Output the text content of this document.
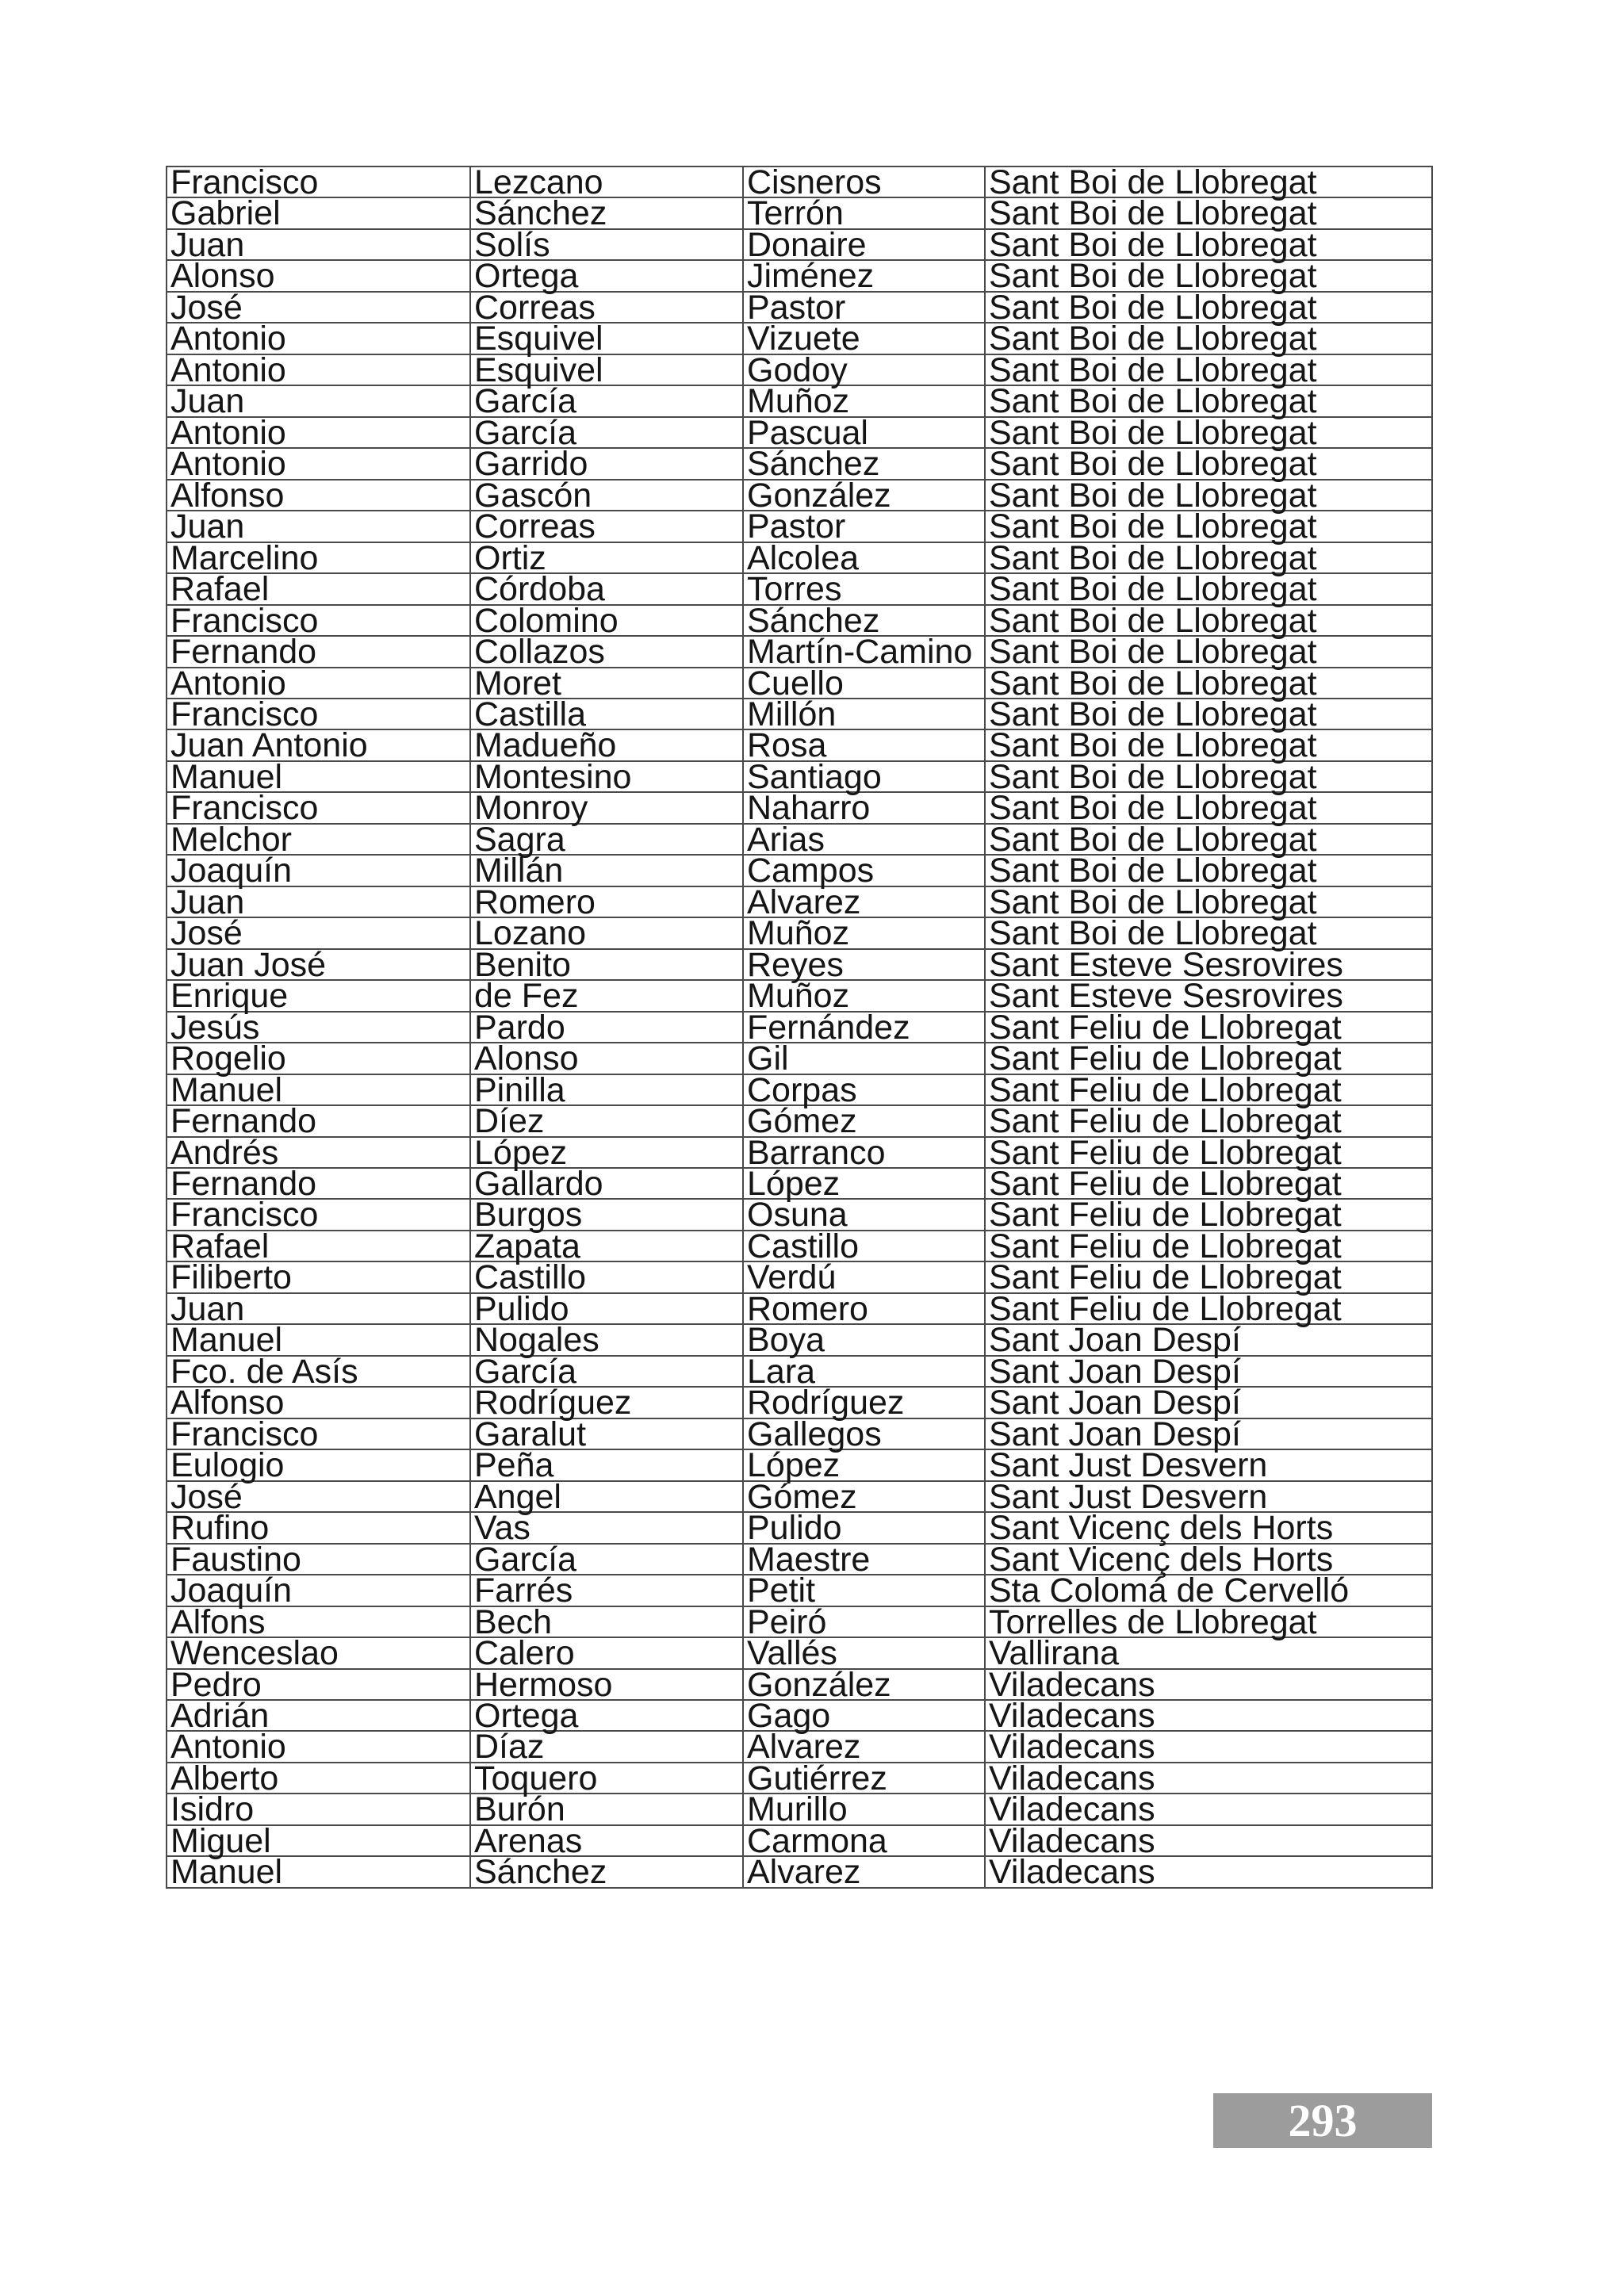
Francisco	Lezcano	Cisneros	Sant Boi de Llobregat
Gabriel	Sánchez	Terrón	Sant Boi de Llobregat
Juan	Solís	Donaire	Sant Boi de Llobregat
Alonso	Ortega	Jiménez	Sant Boi de Llobregat
José	Correas	Pastor	Sant Boi de Llobregat
Antonio	Esquivel	Vizuete	Sant Boi de Llobregat
Antonio	Esquivel	Godoy	Sant Boi de Llobregat
Juan	García	Muñoz	Sant Boi de Llobregat
Antonio	García	Pascual	Sant Boi de Llobregat
Antonio	Garrido	Sánchez	Sant Boi de Llobregat
Alfonso	Gascón	González	Sant Boi de Llobregat
Juan	Correas	Pastor	Sant Boi de Llobregat
Marcelino	Ortiz	Alcolea	Sant Boi de Llobregat
Rafael	Córdoba	Torres	Sant Boi de Llobregat
Francisco	Colomino	Sánchez	Sant Boi de Llobregat
Fernando	Collazos	Martín-Camino Sant Boi de Llobregat
Antonio	Moret	Cuello	Sant Boi de Llobregat
Francisco	Castilla	Millón	Sant Boi de Llobregat
Juan Antonio	Madueño	Rosa	Sant Boi de Llobregat
Manuel	Montesino	Santiago	Sant Boi de Llobregat
Francisco	Monroy	Naharro	Sant Boi de Llobregat
Melchor	Sagra	Arias	Sant Boi de Llobregat
Joaquín	Millán	Campos	Sant Boi de Llobregat
Juan	Romero	Alvarez	Sant Boi de Llobregat
José	Lozano	Muñoz	Sant Boi de Llobregat
Juan José	Benito	Reyes	Sant Esteve Sesrovires
Enrique	de Fez	Muñoz	Sant Esteve Sesrovires
Jesús	Pardo	Fernández	Sant Feliu de Llobregat
Rogelio	Alonso	Gil	Sant Feliu de Llobregat
Manuel	Pinilla	Corpas	Sant Feliu de Llobregat
Fernando	Díez	Gómez	Sant Feliu de Llobregat
Andrés	López	Barranco	Sant Feliu de Llobregat
Fernando	Gallardo	López	Sant Feliu de Llobregat
Francisco	Burgos	Osuna	Sant Feliu de Llobregat
Rafael	Zapata	Castillo	Sant Feliu de Llobregat
Filiberto	Castillo	Verdú	Sant Feliu de Llobregat
Juan	Pulido	Romero	Sant Feliu de Llobregat
Manuel	Nogales	Boya	Sant Joan Despí
Fco. de Asís	García	Lara	Sant Joan Despí
Alfonso	Rodríguez	Rodríguez	Sant Joan Despí
Francisco	Garalut	Gallegos	Sant Joan Despí
Eulogio	Peña	López	Sant Just Desvern
José	Angel	Gómez	Sant Just Desvern
Rufino	Vas	Pulido	Sant Vicenç dels Horts
Faustino	García	Maestre	Sant Vicenç dels Horts
Joaquín	Farrés	Petit	Sta Colomá de Cervelló
Alfons	Bech	Peiró	Torrelles de Llobregat
Wenceslao	Calero	Vallés	Vallirana
Pedro	Hermoso	González	Viladecans
Adrián	Ortega	Gago	Viladecans
Antonio	Díaz	Alvarez	Viladecans
Alberto	Toquero	Gutiérrez	Viladecans
Isidro	Burón	Murillo	Viladecans
Miguel	Arenas	Carmona	Viladecans
Manuel	Sánchez	Alvarez	Viladecans
293
